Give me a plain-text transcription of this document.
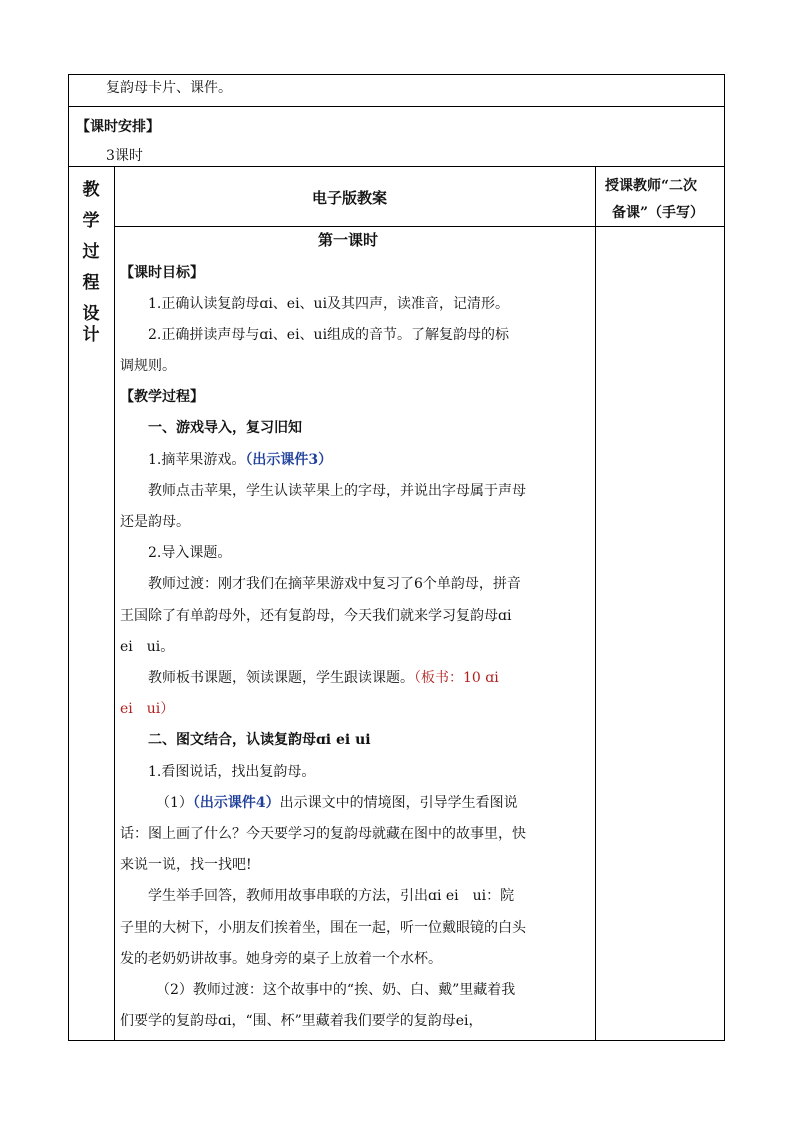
复韵母卡片、课件。
【课时安排】
3课时
教
学
过
程
设
计
电子版教案
授课教师“二次
备课”（手写）
第一课时
【课时目标】
1.正确认读复韵母ɑi、ei、ui及其四声，读准音，记清形。
2.正确拼读声母与ɑi、ei、ui组成的音节。了解复韵母的标
调规则。
【教学过程】
一、游戏导入，复习旧知
1.摘苹果游戏。（出示课件3）
教师点击苹果，学生认读苹果上的字母，并说出字母属于声母
还是韵母。
2.导入课题。
教师过渡：刚才我们在摘苹果游戏中复习了6个单韵母，拼音
王国除了有单韵母外，还有复韵母，今天我们就来学习复韵母ɑi
ei　ui。
教师板书课题，领读课题，学生跟读课题。（板书：10 ɑi
ei　ui）
二、图文结合，认读复韵母ɑi ei ui
1.看图说话，找出复韵母。
（1）（出示课件4）出示课文中的情境图，引导学生看图说
话：图上画了什么？今天要学习的复韵母就藏在图中的故事里，快
来说一说，找一找吧!
学生举手回答，教师用故事串联的方法，引出ɑi ei　ui：院
子里的大树下，小朋友们挨着坐，围在一起，听一位戴眼镜的白头
发的老奶奶讲故事。她身旁的桌子上放着一个水杯。
（2）教师过渡：这个故事中的“挨、奶、白、戴”里藏着我
们要学的复韵母ɑi，“围、杯”里藏着我们要学的复韵母ei，
